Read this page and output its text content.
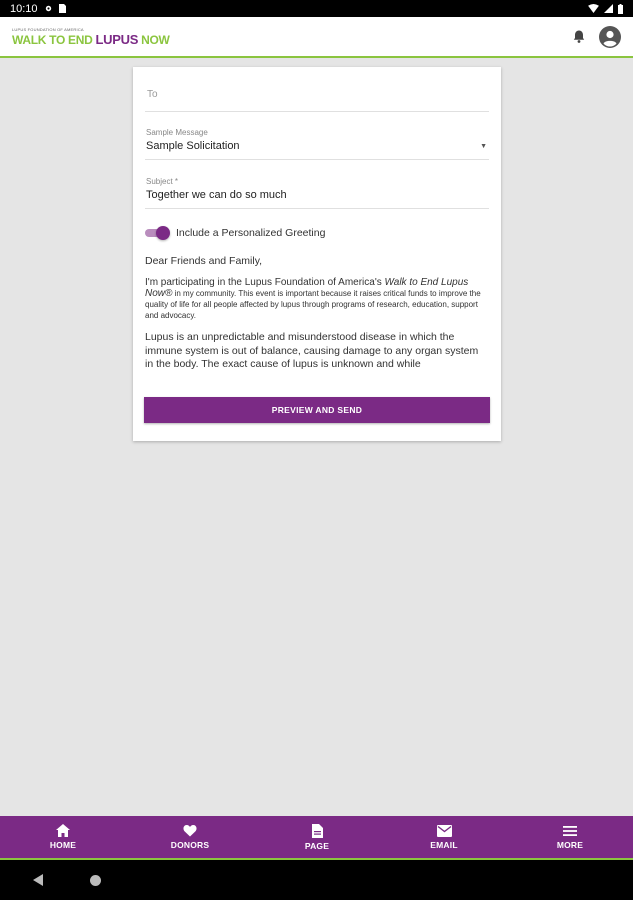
10:10
LUPUS FOUNDATION OF AMERICA
WALK TO END LUPUS NOW
To
Sample Message
Sample Solicitation	▼
Subject *
Together we can do so much
Include a Personalized Greeting

Dear Friends and Family,

I'm participating in the Lupus Foundation of America's Walk to End Lupus Now® in my community. This event is important because it raises critical funds to improve the quality of life for all people affected by lupus through programs of research, education, support and advocacy.

Lupus is an unpredictable and misunderstood disease in which the immune system is out of balance, causing damage to any organ system in the body. The exact cause of lupus is unknown and while

PREVIEW AND SEND
HOME	DONORS	PAGE	EMAIL	MORE
